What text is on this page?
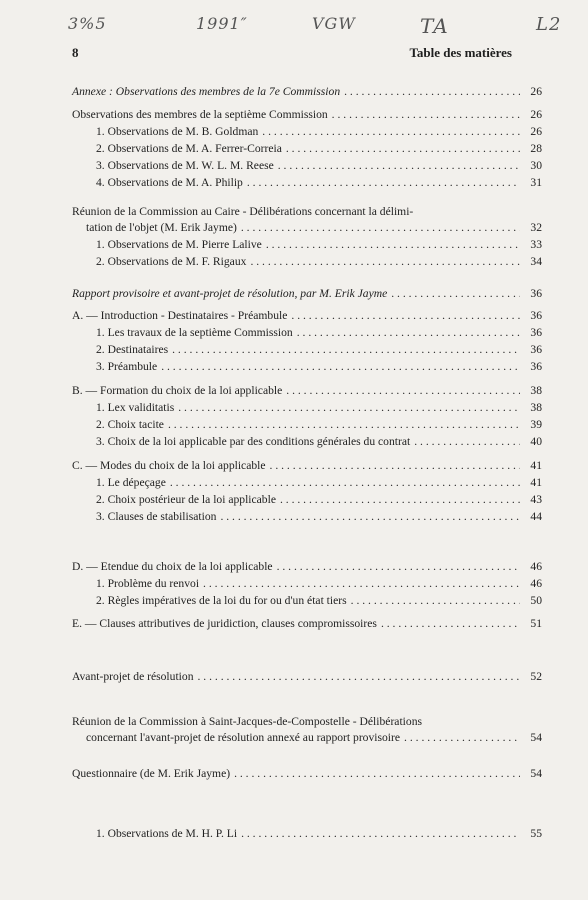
3%5	1991″	VGW	TA	L2
8	Table des matières
Annexe : Observations des membres de la 7e Commission . . .	26
Observations des membres de la septième Commission . . .	26
1. Observations de M. B. Goldman . . .	26
2. Observations de M. A. Ferrer-Correia . . .	28
3. Observations de M. W. L. M. Reese . . .	30
4. Observations de M. A. Philip . . .	31
Réunion de la Commission au Caire - Délibérations concernant la délimi-
tation de l'objet (M. Erik Jayme) . . .	32
1. Observations de M. Pierre Lalive . . .	33
2. Observations de M. F. Rigaux . . .	34
Rapport provisoire et avant-projet de résolution, par M. Erik Jayme . . .	36
A. — Introduction - Destinataires - Préambule . . .	36
1. Les travaux de la septième Commission . . .	36
2. Destinataires . . .	36
3. Préambule . . .	36
B. — Formation du choix de la loi applicable . . .	38
1. Lex validitatis . . .	38
2. Choix tacite . . .	39
3. Choix de la loi applicable par des conditions générales du contrat . . .	40
C. — Modes du choix de la loi applicable . . .	41
1. Le dépeçage . . .	41
2. Choix postérieur de la loi applicable . . .	43
3. Clauses de stabilisation . . .	44
D. — Etendue du choix de la loi applicable . . .	46
1. Problème du renvoi . . .	46
2. Règles impératives de la loi du for ou d'un état tiers . . .	50
E. — Clauses attributives de juridiction, clauses compromissoires . . .	51
Avant-projet de résolution . . .	52
Réunion de la Commission à Saint-Jacques-de-Compostelle - Délibérations
concernant l'avant-projet de résolution annexé au rapport provisoire . . .	54
Questionnaire (de M. Erik Jayme) . . .	54
1. Observations de M. H. P. Li . . .	55
